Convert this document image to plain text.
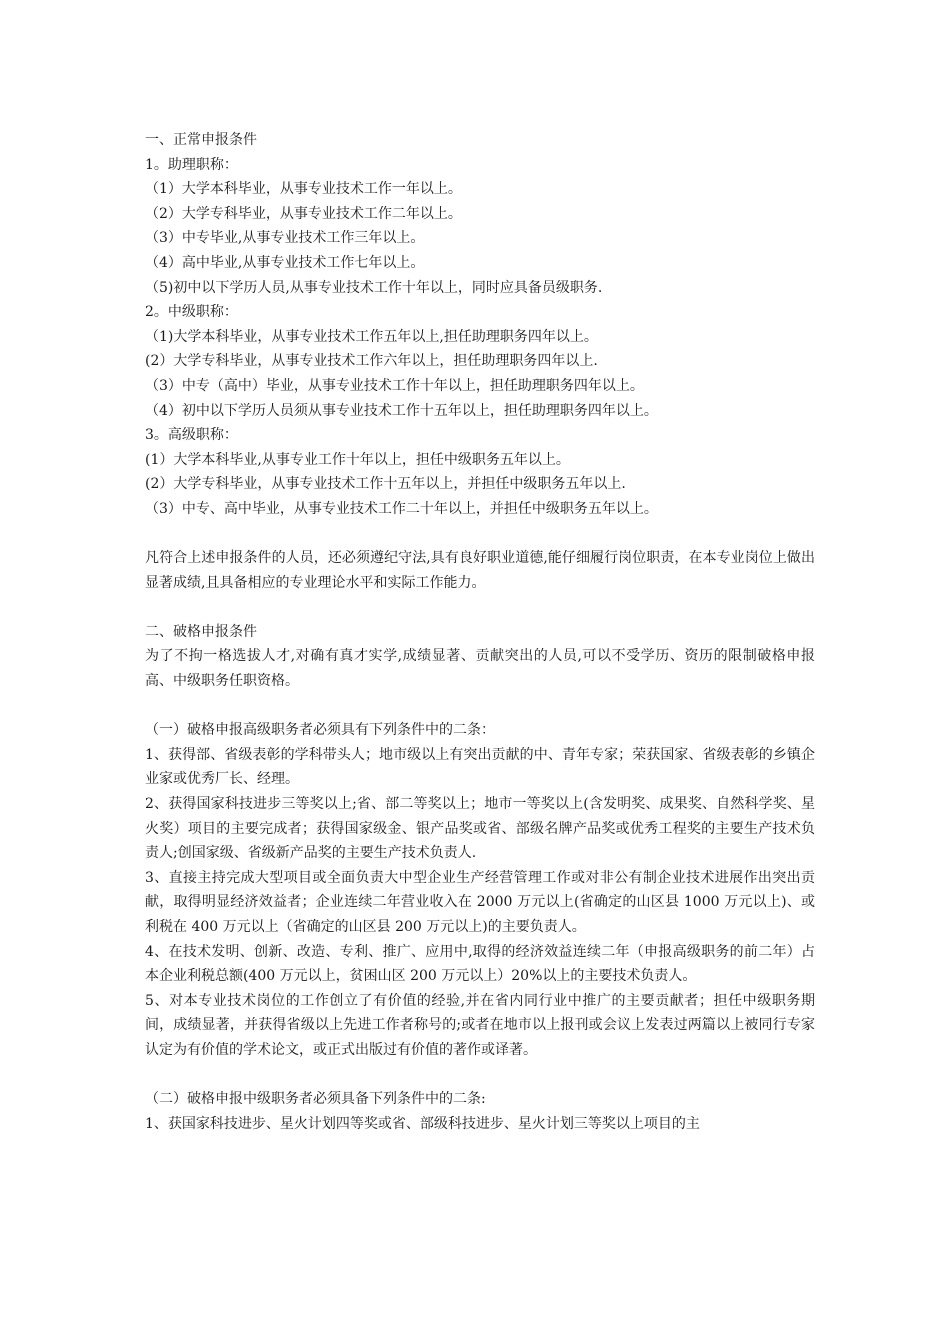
一、正常申报条件
1。助理职称：
（1）大学本科毕业，从事专业技术工作一年以上。
（2）大学专科毕业，从事专业技术工作二年以上。
（3）中专毕业,从事专业技术工作三年以上。
（4）高中毕业,从事专业技术工作七年以上。
（5)初中以下学历人员,从事专业技术工作十年以上，同时应具备员级职务.
2。中级职称：
（1)大学本科毕业，从事专业技术工作五年以上,担任助理职务四年以上。
(2）大学专科毕业，从事专业技术工作六年以上，担任助理职务四年以上.
（3）中专（高中）毕业，从事专业技术工作十年以上，担任助理职务四年以上。
（4）初中以下学历人员须从事专业技术工作十五年以上，担任助理职务四年以上。
3。高级职称：
(1）大学本科毕业,从事专业工作十年以上，担任中级职务五年以上。
(2）大学专科毕业，从事专业技术工作十五年以上，并担任中级职务五年以上.
（3）中专、高中毕业，从事专业技术工作二十年以上，并担任中级职务五年以上。
凡符合上述申报条件的人员，还必须遵纪守法,具有良好职业道德,能仔细履行岗位职责，在本专业岗位上做出显著成绩,且具备相应的专业理论水平和实际工作能力。
二、破格申报条件
为了不拘一格选拔人才,对确有真才实学,成绩显著、贡献突出的人员,可以不受学历、资历的限制破格申报高、中级职务任职资格。
（一）破格申报高级职务者必须具有下列条件中的二条：
1、获得部、省级表彰的学科带头人；地市级以上有突出贡献的中、青年专家；荣获国家、省级表彰的乡镇企业家或优秀厂长、经理。
2、获得国家科技进步三等奖以上;省、部二等奖以上；地市一等奖以上(含发明奖、成果奖、自然科学奖、星火奖）项目的主要完成者；获得国家级金、银产品奖或省、部级名牌产品奖或优秀工程奖的主要生产技术负责人;创国家级、省级新产品奖的主要生产技术负责人.
3、直接主持完成大型项目或全面负责大中型企业生产经营管理工作或对非公有制企业技术进展作出突出贡献，取得明显经济效益者；企业连续二年营业收入在 2000 万元以上(省确定的山区县 1000 万元以上)、或利税在 400 万元以上（省确定的山区县 200 万元以上)的主要负责人。
4、在技术发明、创新、改造、专利、推广、应用中,取得的经济效益连续二年（申报高级职务的前二年）占本企业利税总额(400 万元以上，贫困山区 200 万元以上）20%以上的主要技术负责人。
5、对本专业技术岗位的工作创立了有价值的经验,并在省内同行业中推广的主要贡献者；担任中级职务期间，成绩显著，并获得省级以上先进工作者称号的;或者在地市以上报刊或会议上发表过两篇以上被同行专家认定为有价值的学术论文，或正式出版过有价值的著作或译著。
（二）破格申报中级职务者必须具备下列条件中的二条:
1、获国家科技进步、星火计划四等奖或省、部级科技进步、星火计划三等奖以上项目的主
